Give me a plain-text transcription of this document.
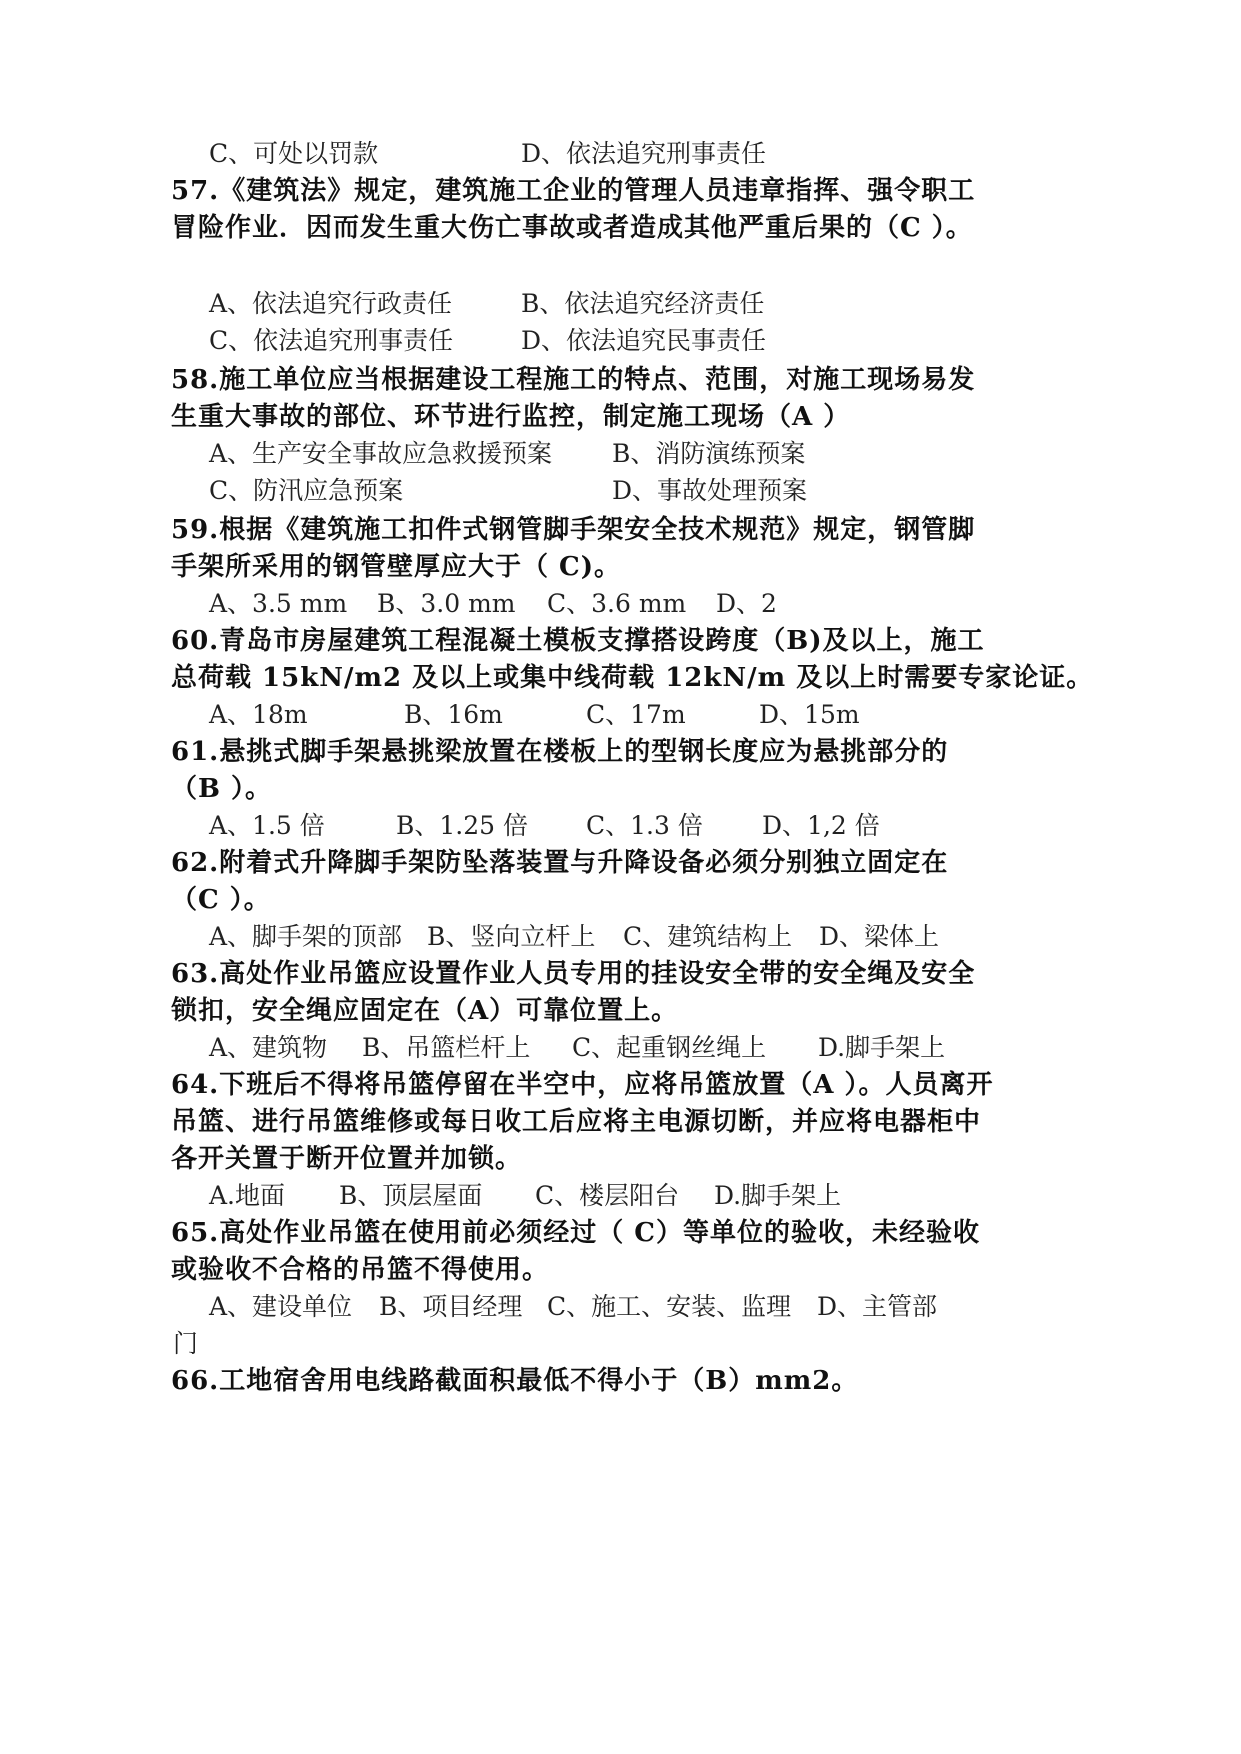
C、可处以罚款	D、依法追究刑事责任
57.《建筑法》规定，建筑施工企业的管理人员违章指挥、强令职工
冒险作业．因而发生重大伤亡事故或者造成其他严重后果的（C ）。
A、依法追究行政责任	B、依法追究经济责任
C、依法追究刑事责任	D、依法追究民事责任
58.施工单位应当根据建设工程施工的特点、范围，对施工现场易发
生重大事故的部位、环节进行监控，制定施工现场（A ）
A、生产安全事故应急救援预案 B、消防演练预案
C、防汛应急预案	D、事故处理预案
59.根据《建筑施工扣件式钢管脚手架安全技术规范》规定，钢管脚
手架所采用的钢管壁厚应大于（ C)。
A、3.5 mm B、3.0 mm C、3.6 mm D、2
60.青岛市房屋建筑工程混凝土模板支撑搭设跨度（B)及以上，施工
总荷载 15kN/m2 及以上或集中线荷载 12kN/m 及以上时需要专家论证。
A、18m	B、16m	C、17m	D、15m
61.悬挑式脚手架悬挑梁放置在楼板上的型钢长度应为悬挑部分的
（B ）。
A、1.5 倍	B、1.25 倍 C、1.3 倍 D、1,2 倍
62.附着式升降脚手架防坠落装置与升降设备必须分别独立固定在
（C ）。
A、脚手架的顶部 B、竖向立杆上 C、建筑结构上 D、梁体上
63.高处作业吊篮应设置作业人员专用的挂设安全带的安全绳及安全
锁扣，安全绳应固定在（A）可靠位置上。
A、建筑物 B、吊篮栏杆上 C、起重钢丝绳上 D.脚手架上
64.下班后不得将吊篮停留在半空中，应将吊篮放置（A ）。人员离开
吊篮、进行吊篮维修或每日收工后应将主电源切断，并应将电器柜中
各开关置于断开位置并加锁。
A.地面 B、顶层屋面 C、楼层阳台 D.脚手架上
65.高处作业吊篮在使用前必须经过（ C）等单位的验收，未经验收
或验收不合格的吊篮不得使用。
A、建设单位 B、项目经理 C、施工、安装、监理 D、主管部
门
66.工地宿舍用电线路截面积最低不得小于（B）mm2。
